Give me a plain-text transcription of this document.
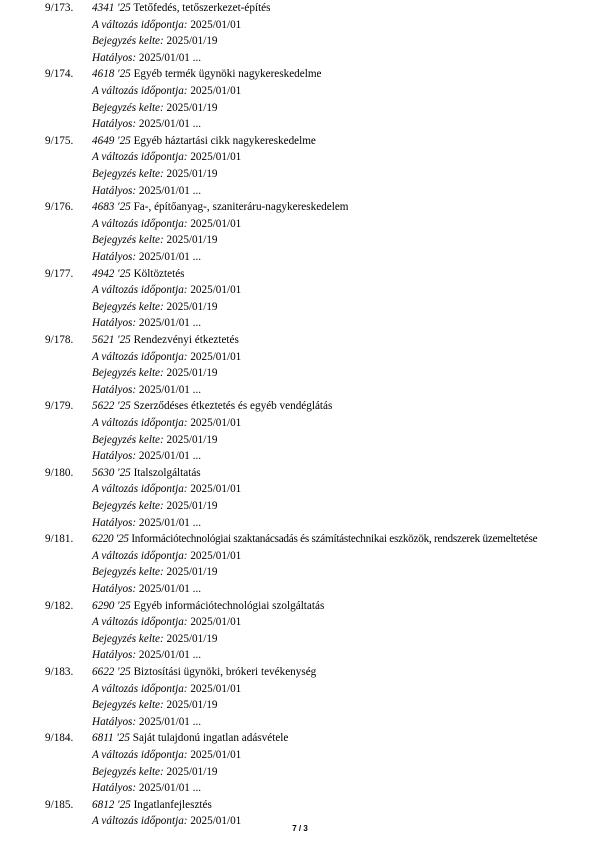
9/173. 4341 '25 Tetőfedés, tetőszerkezet-építés
A változás időpontja: 2025/01/01
Bejegyzés kelte: 2025/01/19
Hatályos: 2025/01/01 ...
9/174. 4618 '25 Egyéb termék ügynöki nagykereskedelme
A változás időpontja: 2025/01/01
Bejegyzés kelte: 2025/01/19
Hatályos: 2025/01/01 ...
9/175. 4649 '25 Egyéb háztartási cikk nagykereskedelme
A változás időpontja: 2025/01/01
Bejegyzés kelte: 2025/01/19
Hatályos: 2025/01/01 ...
9/176. 4683 '25 Fa-, építőanyag-, szaniteráru-nagykereskedelem
A változás időpontja: 2025/01/01
Bejegyzés kelte: 2025/01/19
Hatályos: 2025/01/01 ...
9/177. 4942 '25 Költöztetés
A változás időpontja: 2025/01/01
Bejegyzés kelte: 2025/01/19
Hatályos: 2025/01/01 ...
9/178. 5621 '25 Rendezvényi étkeztetés
A változás időpontja: 2025/01/01
Bejegyzés kelte: 2025/01/19
Hatályos: 2025/01/01 ...
9/179. 5622 '25 Szerződéses étkeztetés és egyéb vendéglátás
A változás időpontja: 2025/01/01
Bejegyzés kelte: 2025/01/19
Hatályos: 2025/01/01 ...
9/180. 5630 '25 Italszolgáltatás
A változás időpontja: 2025/01/01
Bejegyzés kelte: 2025/01/19
Hatályos: 2025/01/01 ...
9/181. 6220 '25 Információtechnológiai szaktanácsadás és számítástechnikai eszközök, rendszerek üzemeltetése
A változás időpontja: 2025/01/01
Bejegyzés kelte: 2025/01/19
Hatályos: 2025/01/01 ...
9/182. 6290 '25 Egyéb információtechnológiai szolgáltatás
A változás időpontja: 2025/01/01
Bejegyzés kelte: 2025/01/19
Hatályos: 2025/01/01 ...
9/183. 6622 '25 Biztosítási ügynöki, brókeri tevékenység
A változás időpontja: 2025/01/01
Bejegyzés kelte: 2025/01/19
Hatályos: 2025/01/01 ...
9/184. 6811 '25 Saját tulajdonú ingatlan adásvétele
A változás időpontja: 2025/01/01
Bejegyzés kelte: 2025/01/19
Hatályos: 2025/01/01 ...
9/185. 6812 '25 Ingatlanfejlesztés
A változás időpontja: 2025/01/01
7 / 3
